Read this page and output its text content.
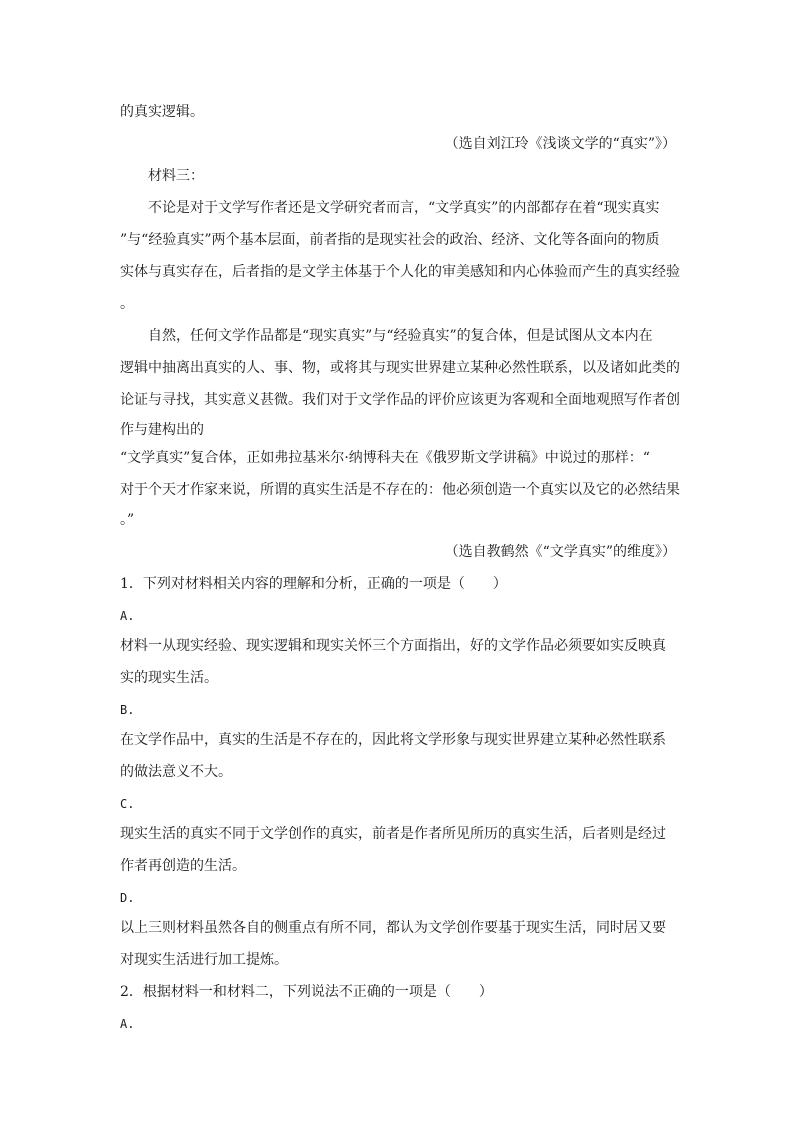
的真实逻辑。
（选自刘江玲《浅谈文学的“真实”》）
材料三：
不论是对于文学写作者还是文学研究者而言，“文学真实”的内部都存在着“现实真实
”与“经验真实”两个基本层面，前者指的是现实社会的政治、经济、文化等各面向的物质
实体与真实存在，后者指的是文学主体基于个人化的审美感知和内心体验而产生的真实经验
。
自然，任何文学作品都是“现实真实”与“经验真实”的复合体，但是试图从文本内在
逻辑中抽离出真实的人、事、物，或将其与现实世界建立某种必然性联系，以及诸如此类的
论证与寻找，其实意义甚微。我们对于文学作品的评价应该更为客观和全面地观照写作者创
作与建构出的
“文学真实”复合体，正如弗拉基米尔·纳博科夫在《俄罗斯文学讲稿》中说过的那样：“
对于个天才作家来说，所谓的真实生活是不存在的：他必须创造一个真实以及它的必然结果
。”
（选自教鹤然《“文学真实”的维度》）
1．下列对材料相关内容的理解和分析，正确的一项是（　　）
A.
材料一从现实经验、现实逻辑和现实关怀三个方面指出，好的文学作品必须要如实反映真
实的现实生活。
B.
在文学作品中，真实的生活是不存在的，因此将文学形象与现实世界建立某种必然性联系
的做法意义不大。
C.
现实生活的真实不同于文学创作的真实，前者是作者所见所历的真实生活，后者则是经过
作者再创造的生活。
D.
以上三则材料虽然各自的侧重点有所不同，都认为文学创作要基于现实生活，同时居又要
对现实生活进行加工提炼。
2．根据材料一和材料二，下列说法不正确的一项是（　　）
A.
